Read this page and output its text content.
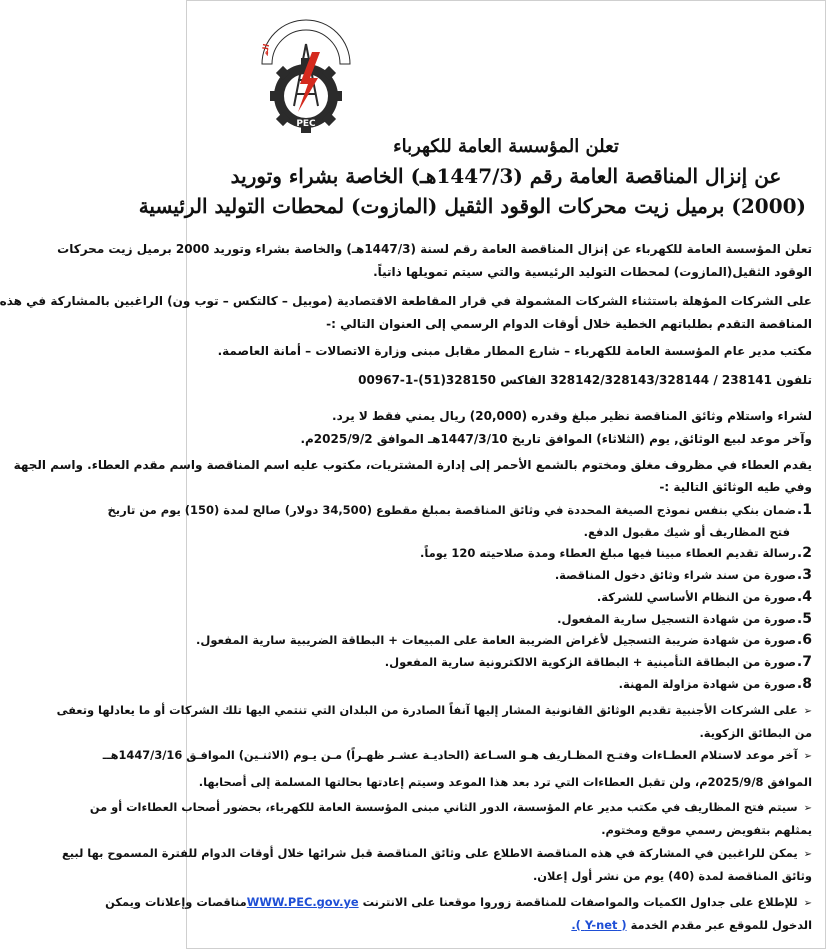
الم
PEC
تعلن المؤسسة العامة للكهرباء
عن إنزال المناقصة العامة رقم (1447/3هـ) الخاصة بشراء وتوريد
(2000) برميل زيت محركات الوقود الثقيل (المازوت) لمحطات التوليد الرئيسية
تعلن المؤسسة العامة للكهرباء عن إنزال المناقصة العامة رقم لسنة (1447/3هـ) والخاصة بشراء وتوريد 2000 برميل زيت محركات
الوقود الثقيل(المازوت) لمحطات التوليد الرئيسية والتي سيتم تمويلها ذاتياً.
على الشركات المؤهلة باستثناء الشركات المشمولة في قرار المقاطعة الاقتصادية (موبيل – كالتكس – توب ون) الراغبين بالمشاركة في هذه
المناقصة التقدم بطلباتهم الخطية خلال أوقات الدوام الرسمي إلى العنوان التالي :-
مكتب مدير عام المؤسسة العامة للكهرباء – شارع المطار مقابل مبنى وزارة الاتصالات – أمانة العاصمة.
تلفون 238141 / 328142/328143/328144 الفاكس 328150(51)-1-00967
لشراء واستلام وثائق المناقصة نظير مبلغ وقدره (20,000) ريال يمني فقط لا يرد.
وآخر موعد لبيع الوثائق, يوم (الثلاثاء) الموافق تاريخ 1447/3/10هـ الموافق 2025/9/2م.
يقدم العطاء في مظروف مغلق ومختوم بالشمع الأحمر إلى إدارة المشتريات، مكتوب عليه اسم المناقصة واسم مقدم العطاء. واسم الجهة
وفي طيه الوثائق التالية :-
1.
ضمان بنكي بنفس نموذج الصيغة المحددة في وثائق المناقصة بمبلغ مقطوع (34,500 دولار) صالح لمدة (150) يوم من تاريخ
فتح المظاريف أو شيك مقبول الدفع.
2.
رسالة تقديم العطاء مبينا فيها مبلغ العطاء ومدة صلاحيته 120 يوماً.
3.
صورة من سند شراء وثائق دخول المناقصة.
4.
صورة من النظام الأساسي للشركة.
5.
صورة من شهادة التسجيل سارية المفعول.
6.
صورة من شهادة ضريبة التسجيل لأغراض الضريبة العامة على المبيعات + البطاقة الضريبية سارية المفعول.
7.
صورة من البطاقة التأمينية + البطاقة الزكوية الالكترونية سارية المفعول.
8.
صورة من شهادة مزاولة المهنة.
➢على الشركات الأجنبية تقديم الوثائق القانونية المشار إليها آنفاً الصادرة من البلدان التي تنتمي اليها تلك الشركات أو ما يعادلها وتعفى
من البطائق الزكوية.
➢آخر موعد لاستلام العطـاءات وفتـح المظـاريف هـو السـاعة (الحاديـة عشـر ظهـراً) مـن يـوم (الاثنـين) الموافـق 1447/3/16هــ
الموافق 2025/9/8م، ولن تقبل العطاءات التي ترد بعد هذا الموعد وسيتم إعادتها بحالتها المسلمة إلى أصحابها.
➢سيتم فتح المظاريف في مكتب مدير عام المؤسسة، الدور الثاني مبنى المؤسسة العامة للكهرباء، بحضور أصحاب العطاءات أو من
يمثلهم بتفويض رسمي موقع ومختوم.
➢يمكن للراغبين في المشاركة في هذه المناقصة الاطلاع على وثائق المناقصة قبل شرائها خلال أوقات الدوام للفترة المسموح بها لبيع
وثائق المناقصة لمدة (40) يوم من نشر أول إعلان.
➢للإطلاع على جداول الكميات والمواصفات للمناقصة زوروا موقعنا على الانترنت WWW.PEC.gov.yeمناقصات وإعلانات ويمكن
الدخول للموقع عبر مقدم الخدمة ( Y-net ).
